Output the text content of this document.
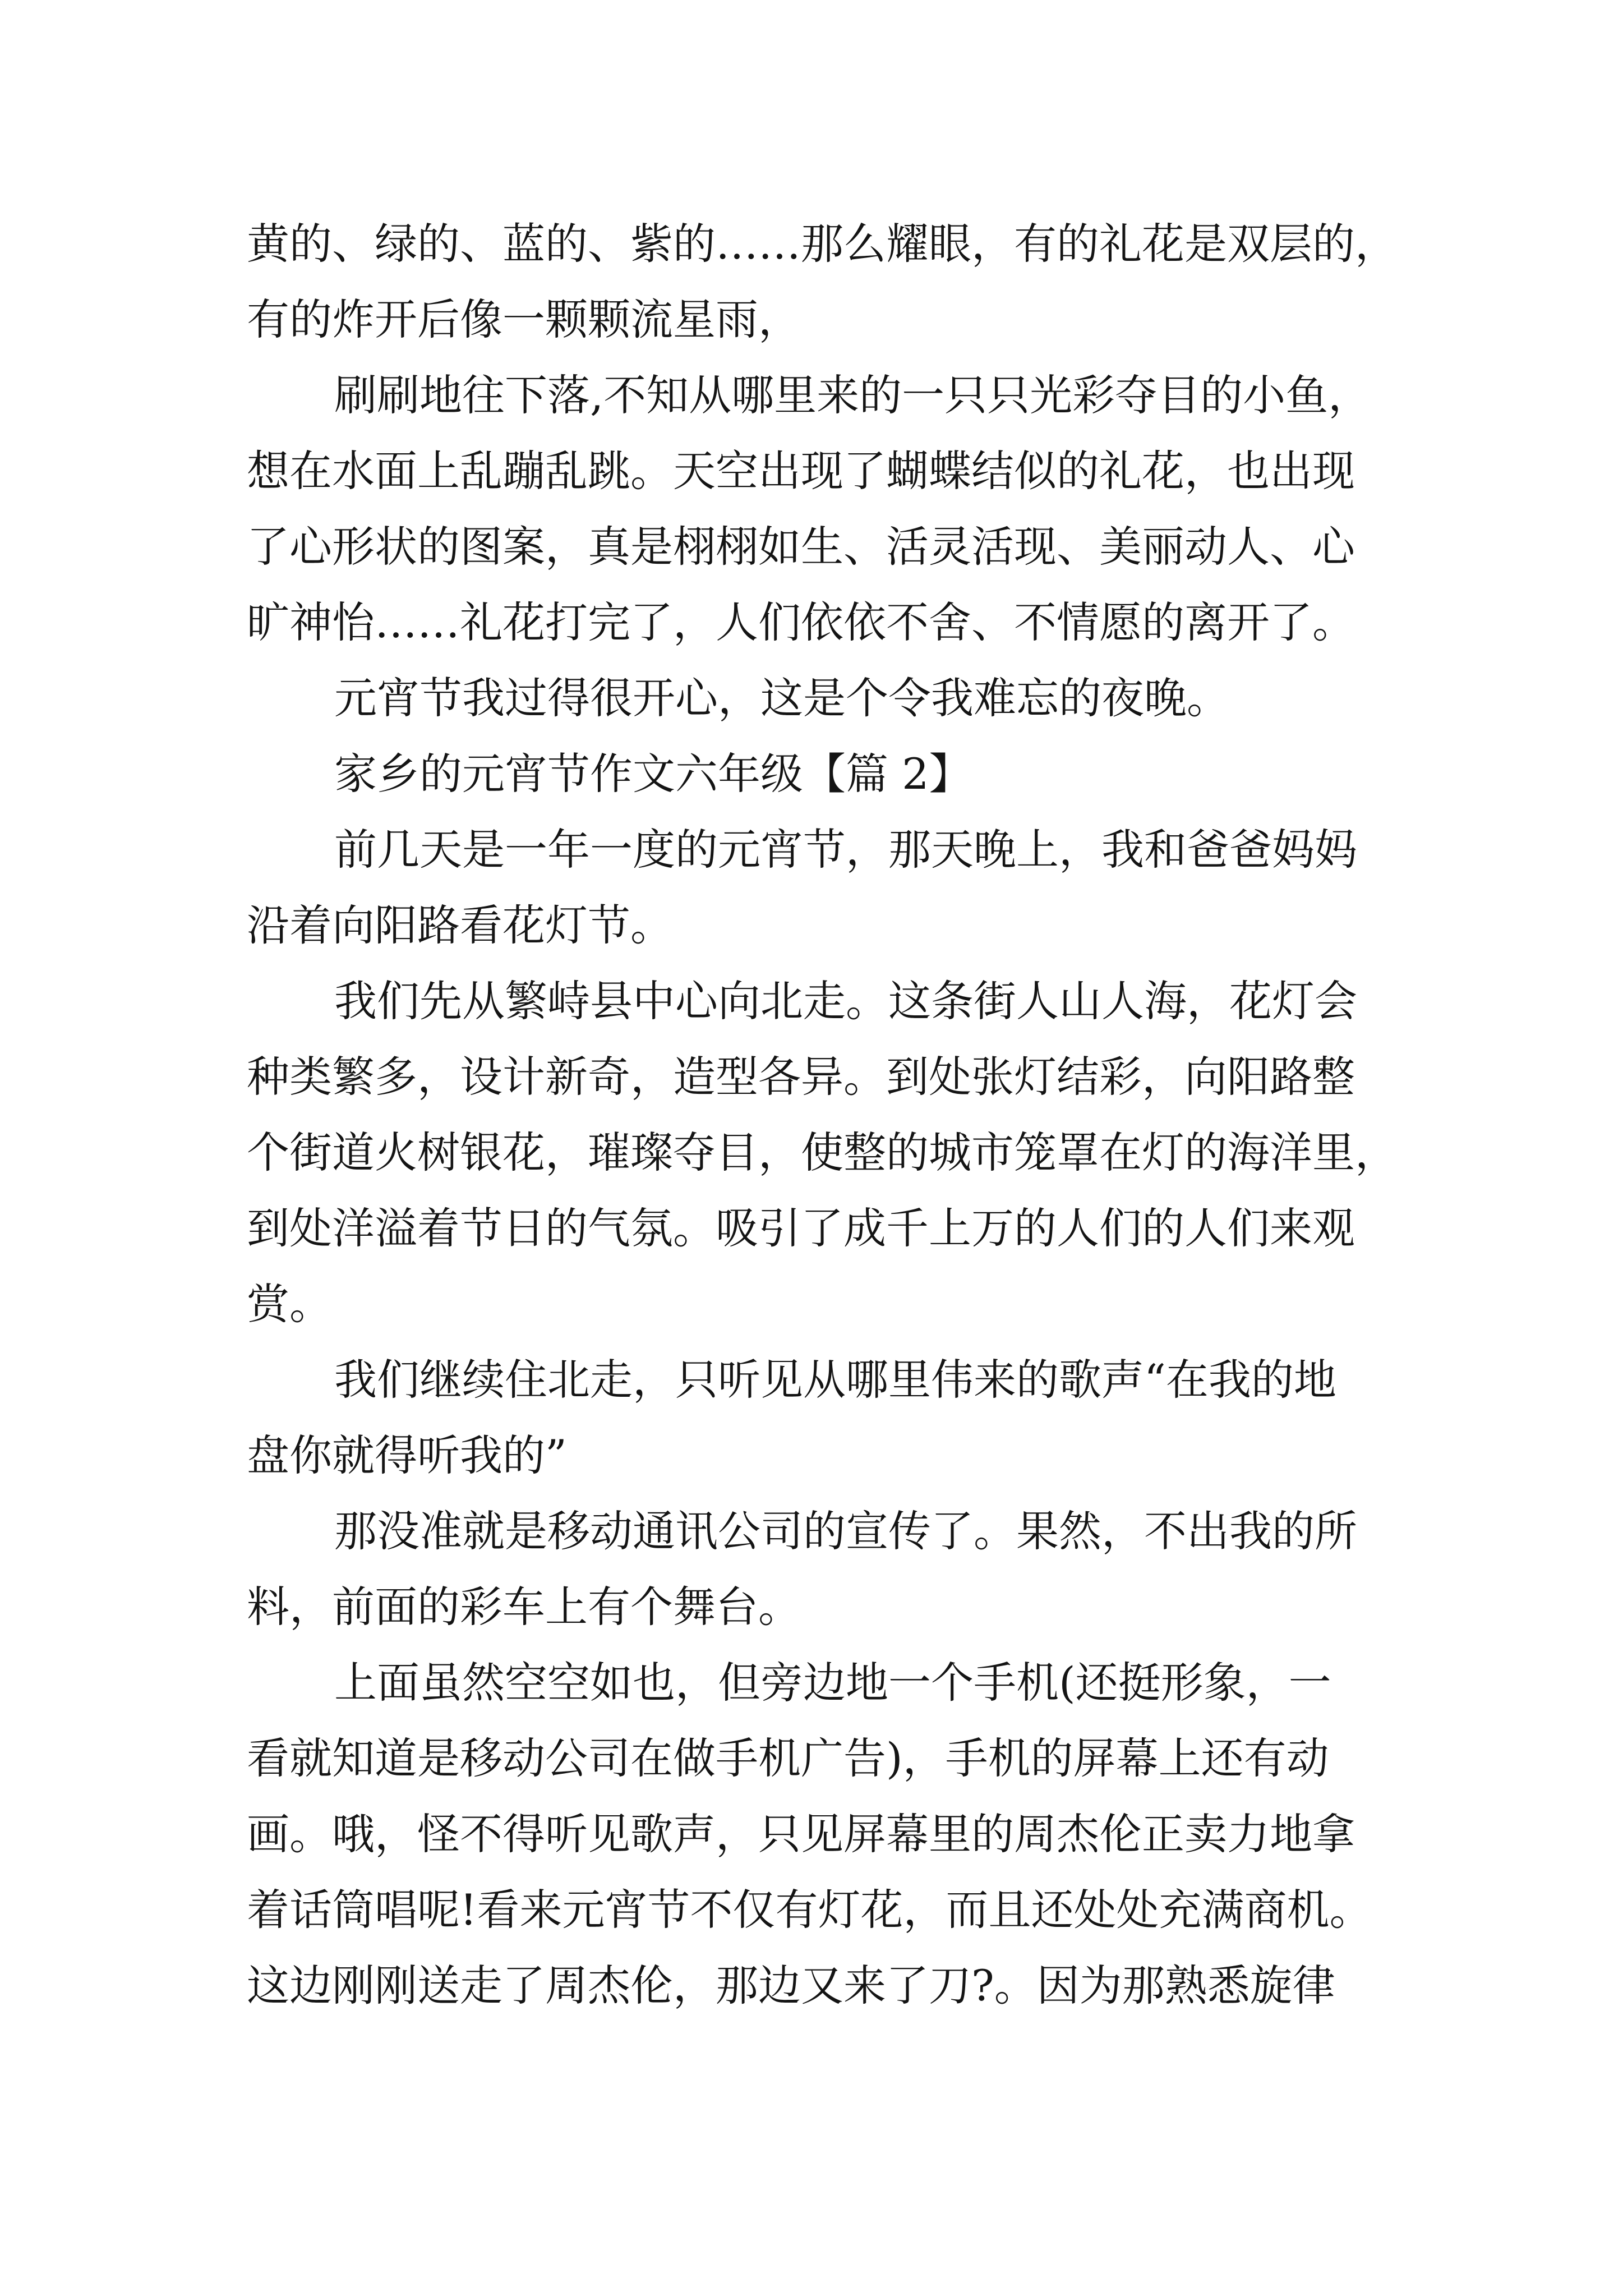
黄的、绿的、蓝的、紫的……那么耀眼，有的礼花是双层的，
有的炸开后像一颗颗流星雨，
刷刷地往下落,不知从哪里来的一只只光彩夺目的小鱼，
想在水面上乱蹦乱跳。天空出现了蝴蝶结似的礼花，也出现
了心形状的图案，真是栩栩如生、活灵活现、美丽动人、心
旷神怡……礼花打完了，人们依依不舍、不情愿的离开了。
元宵节我过得很开心，这是个令我难忘的夜晚。
家乡的元宵节作文六年级【篇 2】
前几天是一年一度的元宵节，那天晚上，我和爸爸妈妈
沿着向阳路看花灯节。
我们先从繁峙县中心向北走。这条街人山人海，花灯会
种类繁多，设计新奇，造型各异。到处张灯结彩，向阳路整
个街道火树银花，璀璨夺目，使整的城市笼罩在灯的海洋里，
到处洋溢着节日的气氛。吸引了成千上万的人们的人们来观
赏。
我们继续住北走，只听见从哪里伟来的歌声“在我的地
盘你就得听我的”
那没准就是移动通讯公司的宣传了。果然，不出我的所
料，前面的彩车上有个舞台。
上面虽然空空如也，但旁边地一个手机(还挺形象，一
看就知道是移动公司在做手机广告)，手机的屏幕上还有动
画。哦，怪不得听见歌声，只见屏幕里的周杰伦正卖力地拿
着话筒唱呢!看来元宵节不仅有灯花，而且还处处充满商机。
这边刚刚送走了周杰伦，那边又来了刀?。因为那熟悉旋律
